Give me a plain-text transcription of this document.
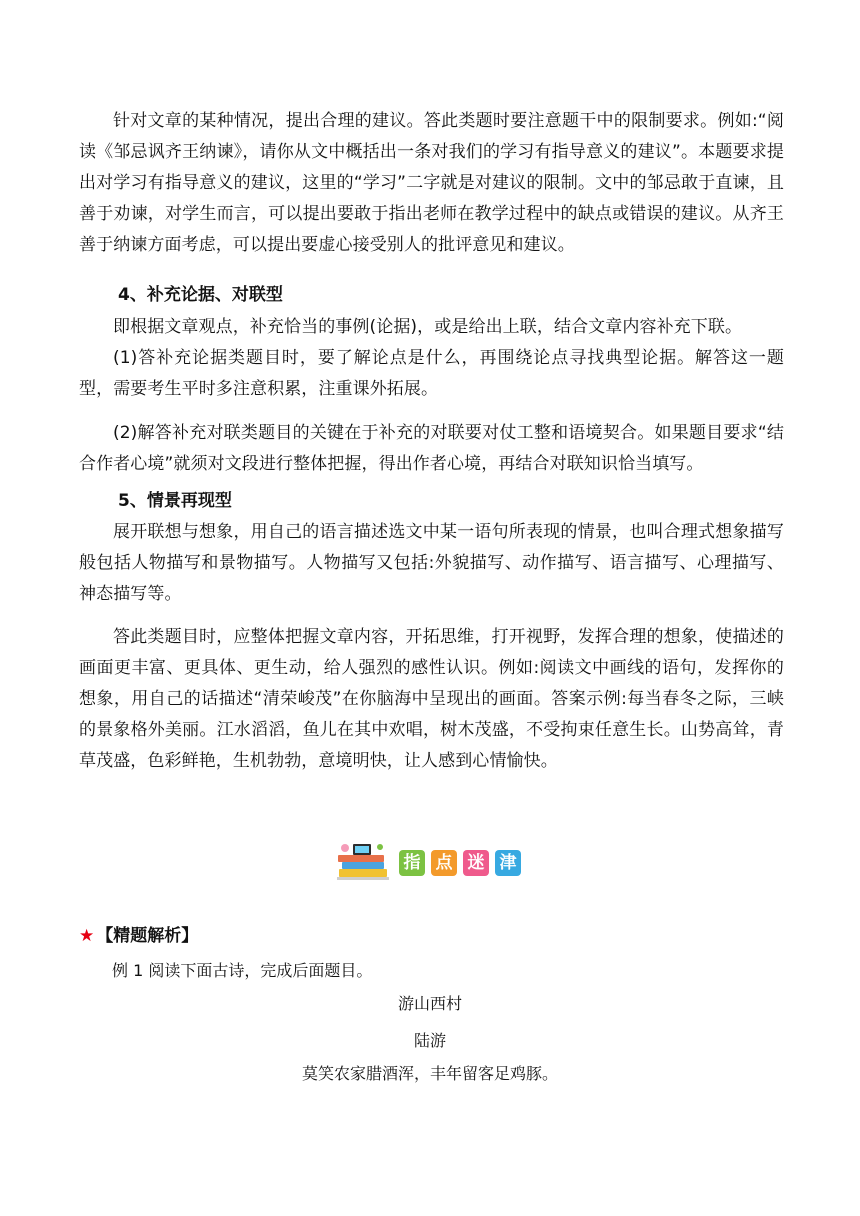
针对文章的某种情况，提出合理的建议。答此类题时要注意题干中的限制要求。例如:“阅读《邹忌讽齐王纳谏》，请你从文中概括出一条对我们的学习有指导意义的建议”。本题要求提出对学习有指导意义的建议，这里的“学习”二字就是对建议的限制。文中的邹忌敢于直谏，且善于劝谏，对学生而言，可以提出要敢于指出老师在教学过程中的缺点或错误的建议。从齐王善于纳谏方面考虑，可以提出要虚心接受别人的批评意见和建议。

4、补充论据、对联型

即根据文章观点，补充恰当的事例(论据)，或是给出上联，结合文章内容补充下联。

(1)答补充论据类题目时，要了解论点是什么，再围绕论点寻找典型论据。解答这一题型，需要考生平时多注意积累，注重课外拓展。

(2)解答补充对联类题目的关键在于补充的对联要对仗工整和语境契合。如果题目要求“结合作者心境”就须对文段进行整体把握，得出作者心境，再结合对联知识恰当填写。

5、情景再现型

展开联想与想象，用自己的语言描述选文中某一语句所表现的情景，也叫合理式想象描写般包括人物描写和景物描写。人物描写又包括:外貌描写、动作描写、语言描写、心理描写、神态描写等。

答此类题目时，应整体把握文章内容，开拓思维，打开视野，发挥合理的想象，使描述的画面更丰富、更具体、更生动，给人强烈的感性认识。例如:阅读文中画线的语句，发挥你的想象，用自己的话描述“清荣峻茂”在你脑海中呈现出的画面。答案示例:每当春冬之际，三峡的景象格外美丽。江水滔滔，鱼儿在其中欢唱，树木茂盛，不受拘束任意生长。山势高耸，青草茂盛，色彩鲜艳，生机勃勃，意境明快，让人感到心情愉快。

指 点 迷 津
★ 【精题解析】
例 1 阅读下面古诗，完成后面题目。
游山西村
陆游
莫笑农家腊酒浑，丰年留客足鸡豚。
